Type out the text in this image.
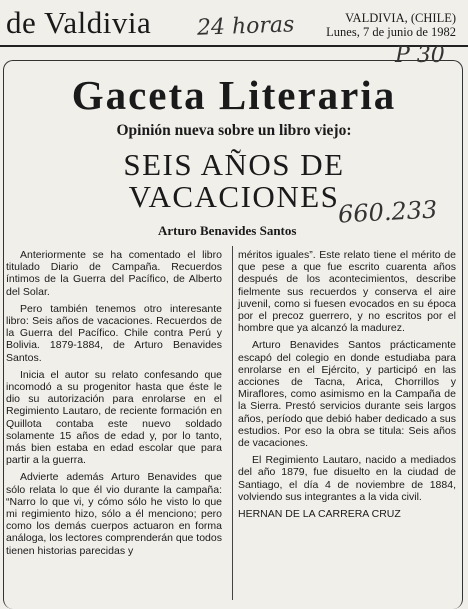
de Valdivia 24 horas	VALDIVIA, (CHILE)
Lunes, 7 de junio de 1982
P 30
Gaceta Literaria
Opinión nueva sobre un libro viejo:
SEIS AÑOS DE
VACACIONES
Arturo Benavides Santos
660.233

Anteriormente se ha comentado el libro titulado Diario de Campaña. Recuerdos íntimos de la Guerra del Pacífico, de Alberto del Solar.

Pero también tenemos otro interesante libro: Seis años de vacaciones. Recuerdos de la Guerra del Pacífico. Chile contra Perú y Bolivia. 1879-1884, de Arturo Benavides Santos.

Inicia el autor su relato confesando que incomodó a su progenitor hasta que éste le dio su autorización para enrolarse en el Regimiento Lautaro, de reciente formación en Quillota contaba este nuevo soldado solamente 15 años de edad y, por lo tanto, más bien estaba en edad escolar que para partir a la guerra.

Advierte además Arturo Benavides que sólo relata lo que él vio durante la campaña: “Narro lo que vi, y cómo sólo he visto lo que mi regimiento hizo, sólo a él menciono; pero como los demás cuerpos actuaron en forma análoga, los lectores comprenderán que todos tienen historias parecidas y

méritos iguales”. Este relato tiene el mérito de que pese a que fue escrito cuarenta años después de los acontecimientos, describe fielmente sus recuerdos y conserva el aire juvenil, como si fuesen evocados en su época por el precoz guerrero, y no escritos por el hombre que ya alcanzó la madurez.

Arturo Benavides Santos prácticamente escapó del colegio en donde estudiaba para enrolarse en el Ejército, y participó en las acciones de Tacna, Arica, Chorrillos y Miraflores, como asimismo en la Campaña de la Sierra. Prestó servicios durante seis largos años, período que debió haber dedicado a sus estudios. Por eso la obra se titula: Seis años de vacaciones.

El Regimiento Lautaro, nacido a mediados del año 1879, fue disuelto en la ciudad de Santiago, el día 4 de noviembre de 1884, volviendo sus integrantes a la vida civil.

HERNAN DE LA CARRERA CRUZ
